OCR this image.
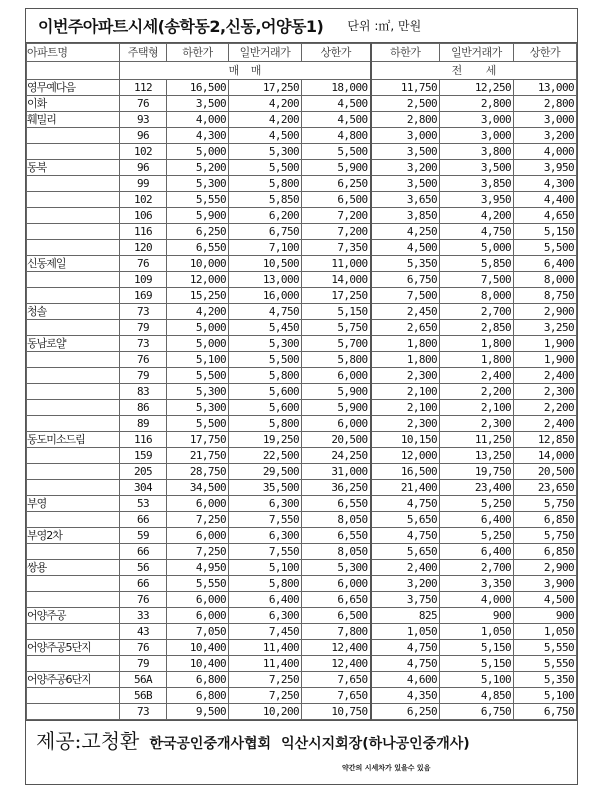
이번주아파트시세(송학동2,신동,어양동1) 단위 :㎡, 만원
아파트명	주택형	하한가	일반거래가	상한가	하한가	일반거래가	상한가
	매    매				전        세		
영무예다음	112	16,500	17,250	18,000	11,750	12,250	13,000
이화	76	3,500	4,200	4,500	2,500	2,800	2,800
훼밀리	93	4,000	4,200	4,500	2,800	3,000	3,000
	96	4,300	4,500	4,800	3,000	3,000	3,200
	102	5,000	5,300	5,500	3,500	3,800	4,000
동북	96	5,200	5,500	5,900	3,200	3,500	3,950
	99	5,300	5,800	6,250	3,500	3,850	4,300
	102	5,550	5,850	6,500	3,650	3,950	4,400
	106	5,900	6,200	7,200	3,850	4,200	4,650
	116	6,250	6,750	7,200	4,250	4,750	5,150
	120	6,550	7,100	7,350	4,500	5,000	5,500
신동제일	76	10,000	10,500	11,000	5,350	5,850	6,400
	109	12,000	13,000	14,000	6,750	7,500	8,000
	169	15,250	16,000	17,250	7,500	8,000	8,750
청솔	73	4,200	4,750	5,150	2,450	2,700	2,900
	79	5,000	5,450	5,750	2,650	2,850	3,250
동남로얄	73	5,000	5,300	5,700	1,800	1,800	1,900
	76	5,100	5,500	5,800	1,800	1,800	1,900
	79	5,500	5,800	6,000	2,300	2,400	2,400
	83	5,300	5,600	5,900	2,100	2,200	2,300
	86	5,300	5,600	5,900	2,100	2,100	2,200
	89	5,500	5,800	6,000	2,300	2,300	2,400
동도미소드림	116	17,750	19,250	20,500	10,150	11,250	12,850
	159	21,750	22,500	24,250	12,000	13,250	14,000
	205	28,750	29,500	31,000	16,500	19,750	20,500
	304	34,500	35,500	36,250	21,400	23,400	23,650
부영	53	6,000	6,300	6,550	4,750	5,250	5,750
	66	7,250	7,550	8,050	5,650	6,400	6,850
부영2차	59	6,000	6,300	6,550	4,750	5,250	5,750
	66	7,250	7,550	8,050	5,650	6,400	6,850
쌍용	56	4,950	5,100	5,300	2,400	2,700	2,900
	66	5,550	5,800	6,000	3,200	3,350	3,900
	76	6,000	6,400	6,650	3,750	4,000	4,500
어양주공	33	6,000	6,300	6,500	825	900	900
	43	7,050	7,450	7,800	1,050	1,050	1,050
어양주공5단지	76	10,400	11,400	12,400	4,750	5,150	5,550
	79	10,400	11,400	12,400	4,750	5,150	5,550
어양주공6단지	56A	6,800	7,250	7,650	4,600	5,100	5,350
	56B	6,800	7,250	7,650	4,350	4,850	5,100
	73	9,500	10,200	10,750	6,250	6,750	6,750
제공:고청환 한국공인중개사협회 익산시지회장(하나공인중개사)
약간의 시세차가 있을수 있음
